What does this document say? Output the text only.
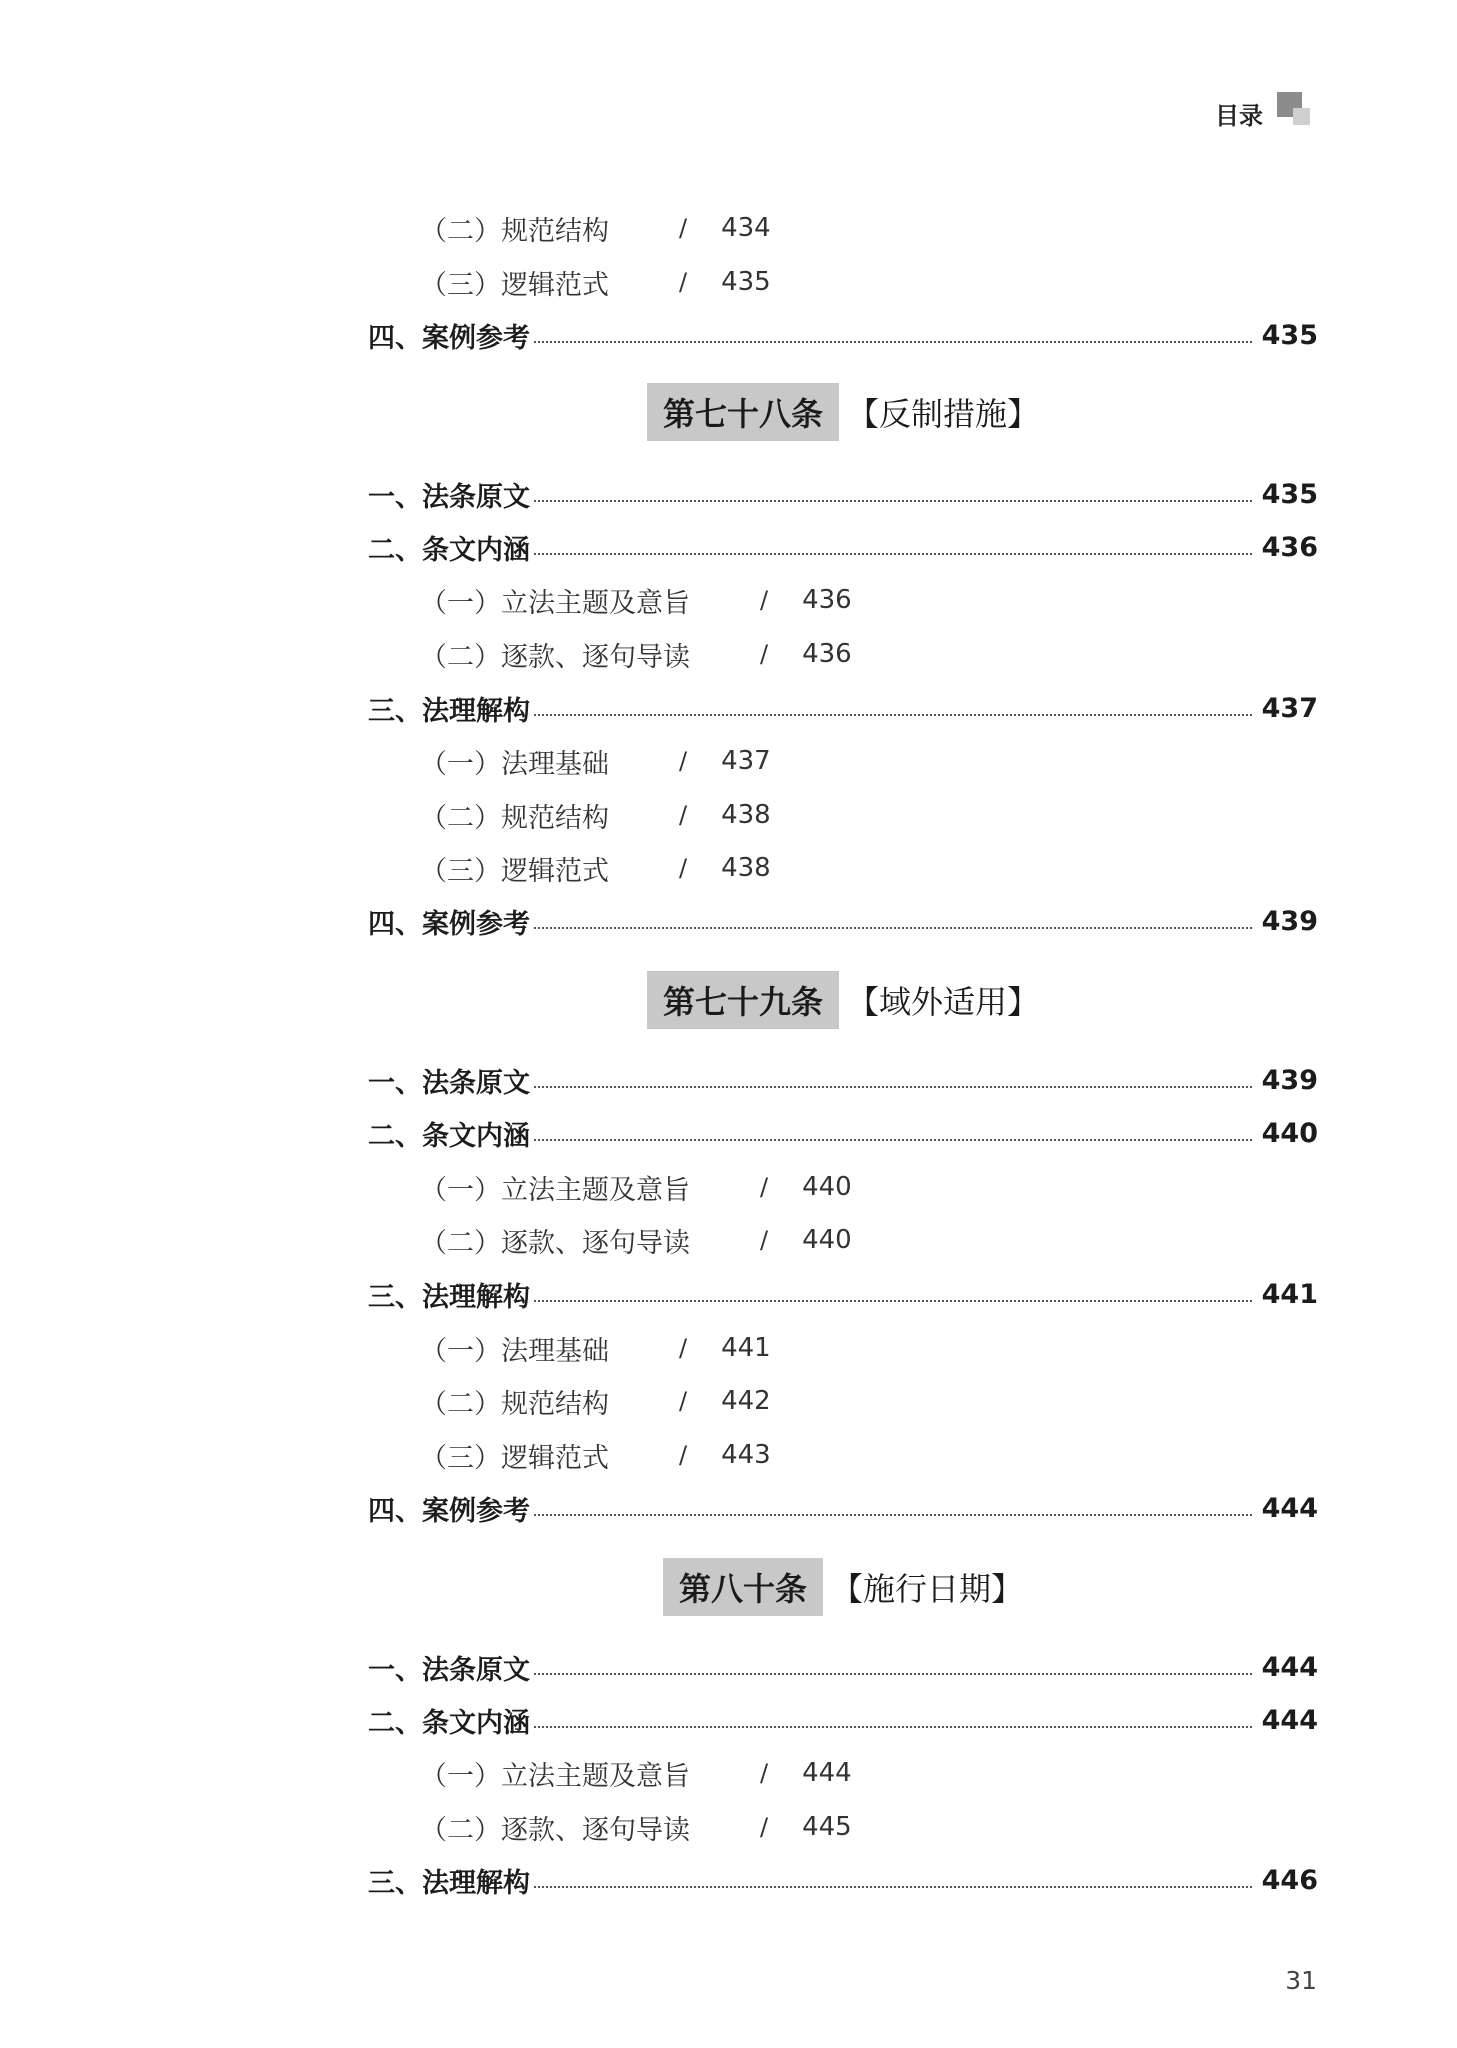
目录
（二）规范结构	/ 434
（三）逻辑范式	/ 435
四、案例参考	435
第七十八条 【反制措施】
一、法条原文	435
二、条文内涵	436
（一）立法主题及意旨	/ 436
（二）逐款、逐句导读	/ 436
三、法理解构	437
（一）法理基础	/ 437
（二）规范结构	/ 438
（三）逻辑范式	/ 438
四、案例参考	439
第七十九条 【域外适用】
一、法条原文	439
二、条文内涵	440
（一）立法主题及意旨	/ 440
（二）逐款、逐句导读	/ 440
三、法理解构	441
（一）法理基础	/ 441
（二）规范结构	/ 442
（三）逻辑范式	/ 443
四、案例参考	444
第八十条 【施行日期】
一、法条原文	444
二、条文内涵	444
（一）立法主题及意旨	/ 444
（二）逐款、逐句导读	/ 445
三、法理解构	446
31
